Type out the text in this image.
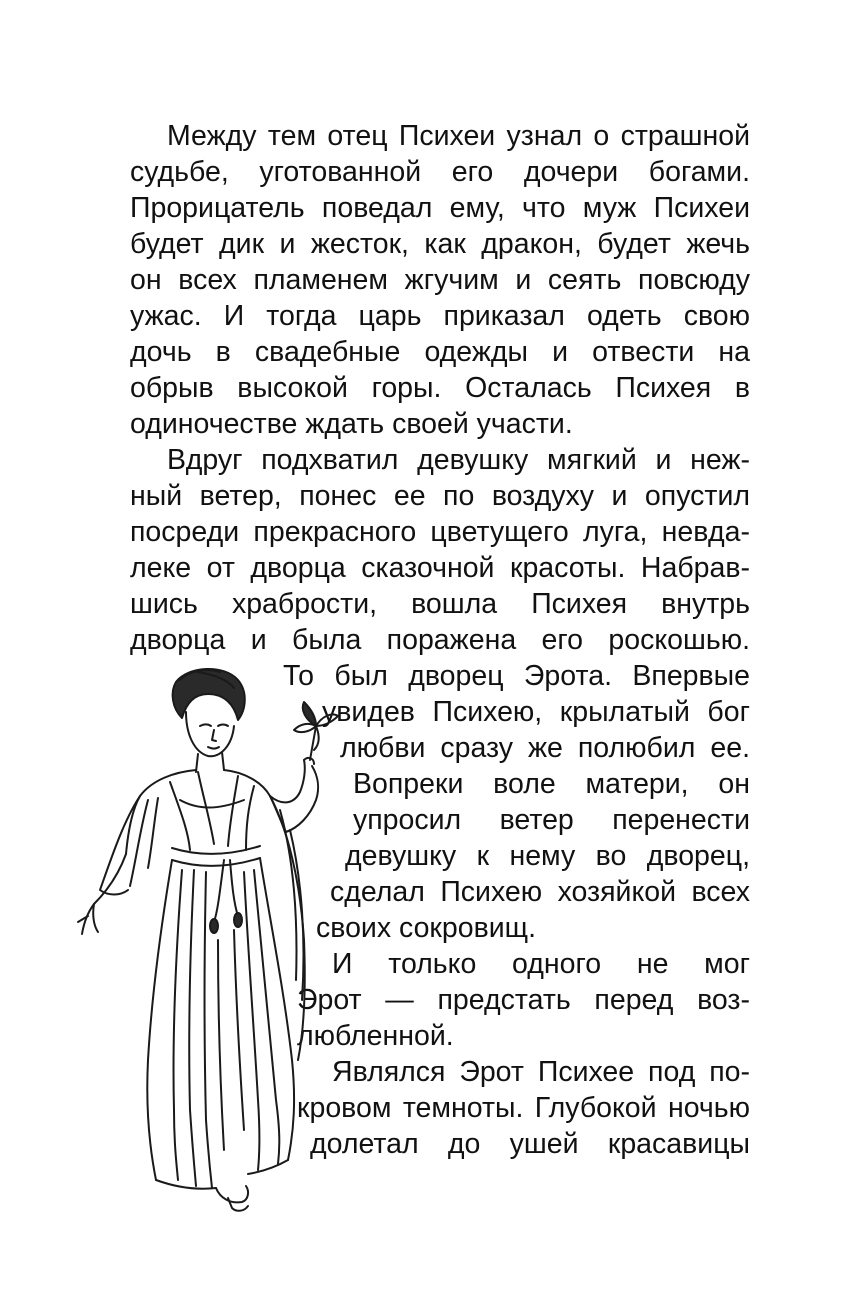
Между тем отец Психеи узнал о страшной
судьбе, уготованной его дочери богами.
Прорицатель поведал ему, что муж Психеи
будет дик и жесток, как дракон, будет жечь
он всех пламенем жгучим и сеять повсюду
ужас. И тогда царь приказал одеть свою
дочь в свадебные одежды и отвести на
обрыв высокой горы. Осталась Психея в
одиночестве ждать своей участи.
Вдруг подхватил девушку мягкий и неж-
ный ветер, понес ее по воздуху и опустил
посреди прекрасного цветущего луга, невда-
леке от дворца сказочной красоты. Набрав-
шись храбрости, вошла Психея внутрь
дворца и была поражена его роскошью.
То был дворец Эрота. Впервые
увидев Психею, крылатый бог
любви сразу же полюбил ее.
Вопреки воле матери, он
упросил ветер перенести
девушку к нему во дворец,
сделал Психею хозяйкой всех
своих сокровищ.
И только одного не мог
Эрот — предстать перед воз-
любленной.
Являлся Эрот Психее под по-
кровом темноты. Глубокой ночью
долетал до ушей красавицы
